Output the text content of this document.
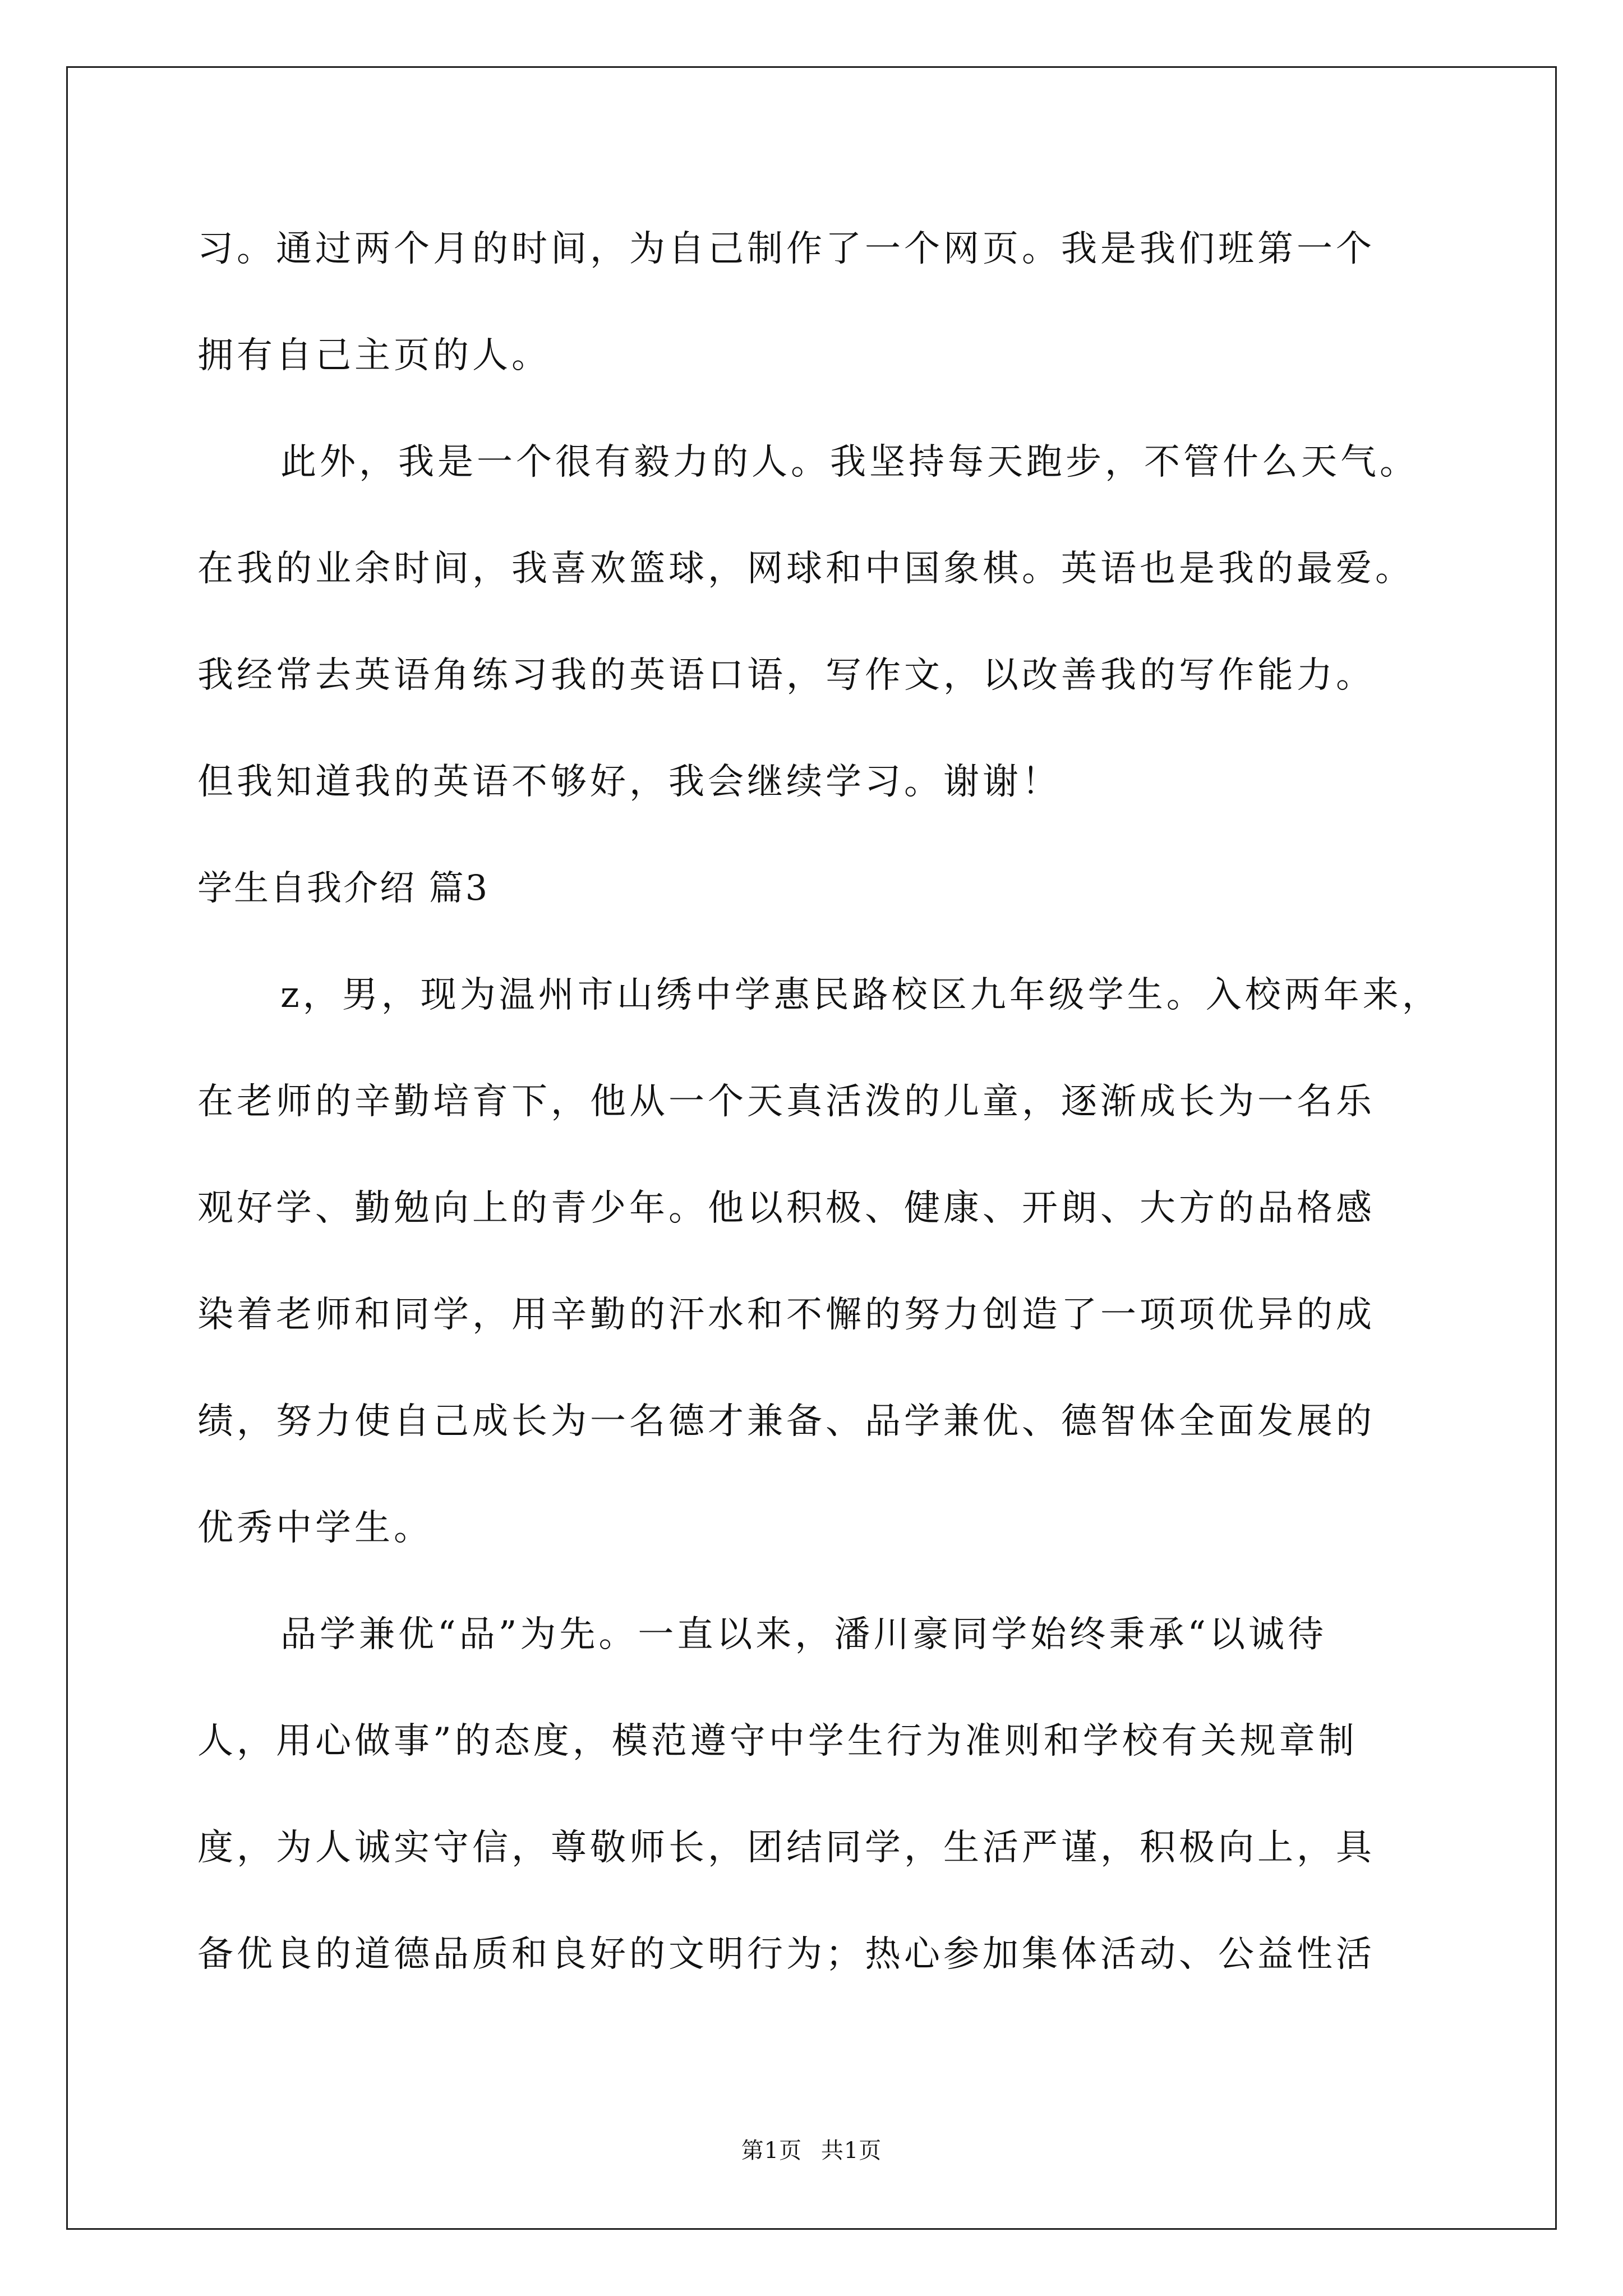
习。通过两个月的时间，为自己制作了一个网页。我是我们班第一个
拥有自己主页的人。
此外，我是一个很有毅力的人。我坚持每天跑步，不管什么天气。
在我的业余时间，我喜欢篮球，网球和中国象棋。英语也是我的最爱。
我经常去英语角练习我的英语口语，写作文，以改善我的写作能力。
但我知道我的英语不够好，我会继续学习。谢谢！
学生自我介绍 篇3
z，男，现为温州市山绣中学惠民路校区九年级学生。入校两年来，
在老师的辛勤培育下，他从一个天真活泼的儿童，逐渐成长为一名乐
观好学、勤勉向上的青少年。他以积极、健康、开朗、大方的品格感
染着老师和同学，用辛勤的汗水和不懈的努力创造了一项项优异的成
绩，努力使自己成长为一名德才兼备、品学兼优、德智体全面发展的
优秀中学生。
品学兼优“品”为先。一直以来，潘川豪同学始终秉承“以诚待
人，用心做事”的态度，模范遵守中学生行为准则和学校有关规章制
度，为人诚实守信，尊敬师长，团结同学，生活严谨，积极向上，具
备优良的道德品质和良好的文明行为；热心参加集体活动、公益性活
第1页 共1页
